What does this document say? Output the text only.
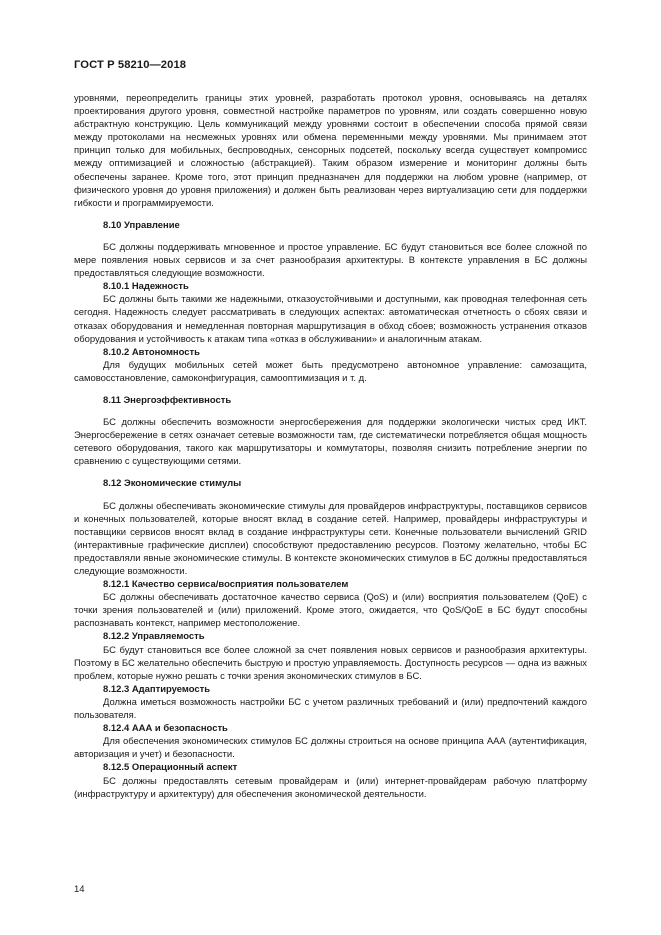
ГОСТ Р 58210—2018

уровнями, переопределить границы этих уровней, разработать протокол уровня, основываясь на деталях проектирования другого уровня, совместной настройке параметров по уровням, или создать совершенно новую абстрактную конструкцию. Цель коммуникаций между уровнями состоит в обеспечении способа прямой связи между протоколами на несмежных уровнях или обмена переменными между уровнями. Мы принимаем этот принцип только для мобильных, беспроводных, сенсорных подсетей, поскольку всегда существует компромисс между оптимизацией и сложностью (абстракцией). Таким образом измерение и мониторинг должны быть обеспечены заранее. Кроме того, этот принцип предназначен для поддержки на любом уровне (например, от физического уровня до уровня приложения) и должен быть реализован через виртуализацию сети для поддержки гибкости и программируемости.

8.10 Управление

БС должны поддерживать мгновенное и простое управление. БС будут становиться все более сложной по мере появления новых сервисов и за счет разнообразия архитектуры. В контексте управления в БС должны предоставляться следующие возможности.

8.10.1 Надежность

БС должны быть такими же надежными, отказоустойчивыми и доступными, как проводная телефонная сеть сегодня. Надежность следует рассматривать в следующих аспектах: автоматическая отчетность о сбоях связи и отказах оборудования и немедленная повторная маршрутизация в обход сбоев; возможность устранения отказов оборудования и устойчивость к атакам типа «отказ в обслуживании» и аналогичным атакам.

8.10.2 Автономность

Для будущих мобильных сетей может быть предусмотрено автономное управление: самозащита, самовосстановление, самоконфигурация, самооптимизация и т. д.

8.11 Энергоэффективность

БС должны обеспечить возможности энергосбережения для поддержки экологически чистых сред ИКТ. Энергосбережение в сетях означает сетевые возможности там, где систематически потребляется общая мощность сетевого оборудования, такого как маршрутизаторы и коммутаторы, позволяя снизить потребление энергии по сравнению с существующими сетями.

8.12 Экономические стимулы

БС должны обеспечивать экономические стимулы для провайдеров инфраструктуры, поставщиков сервисов и конечных пользователей, которые вносят вклад в создание сетей. Например, провайдеры инфраструктуры и поставщики сервисов вносят вклад в создание инфраструктуры сети. Конечные пользователи вычислений GRID (интерактивные графические дисплеи) способствуют предоставлению ресурсов. Поэтому желательно, чтобы БС предоставляли явные экономические стимулы. В контексте экономических стимулов в БС должны предоставляться следующие возможности.

8.12.1 Качество сервиса/восприятия пользователем

БС должны обеспечивать достаточное качество сервиса (QoS) и (или) восприятия пользователем (QoE) с точки зрения пользователей и (или) приложений. Кроме этого, ожидается, что QoS/QoE в БС будут способны распознавать контекст, например местоположение.

8.12.2 Управляемость

БС будут становиться все более сложной за счет появления новых сервисов и разнообразия архитектуры. Поэтому в БС желательно обеспечить быструю и простую управляемость. Доступность ресурсов — одна из важных проблем, которые нужно решать с точки зрения экономических стимулов в БС.

8.12.3 Адаптируемость

Должна иметься возможность настройки БС с учетом различных требований и (или) предпочтений каждого пользователя.

8.12.4 ААА и безопасность

Для обеспечения экономических стимулов БС должны строиться на основе принципа ААА (аутентификация, авторизация и учет) и безопасности.

8.12.5 Операционный аспект

БС должны предоставлять сетевым провайдерам и (или) интернет-провайдерам рабочую платформу (инфраструктуру и архитектуру) для обеспечения экономической деятельности.

14
